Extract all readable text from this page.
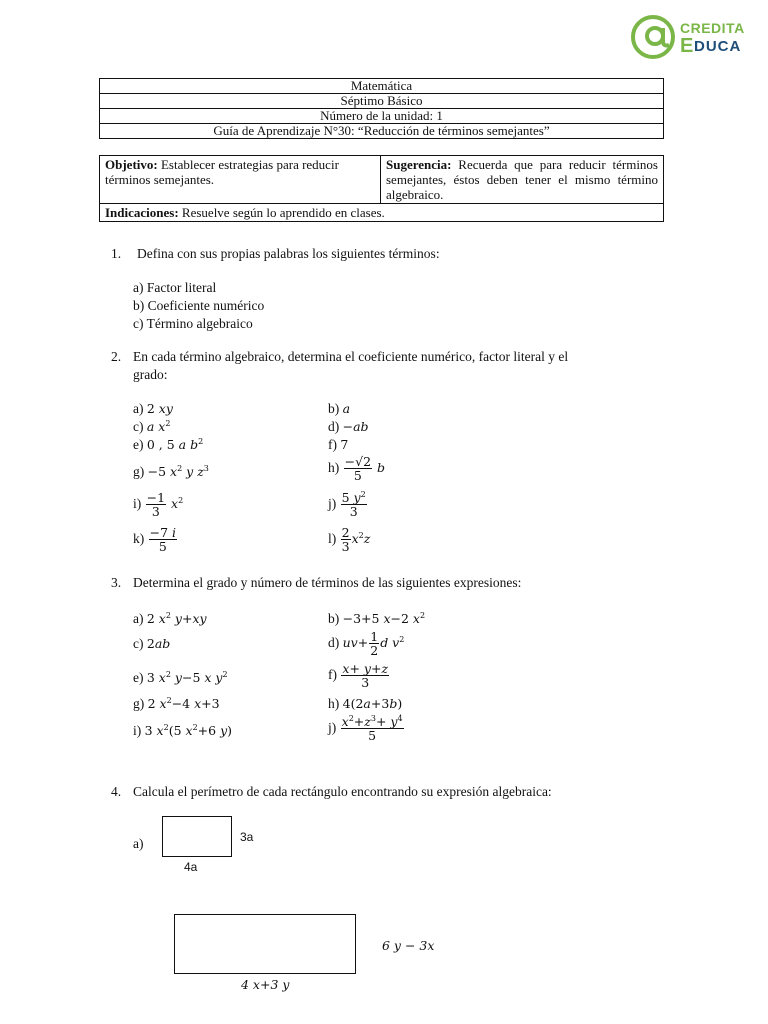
CREDITA
E DUCA
Matemática
Séptimo Básico
Número de la unidad: 1
Guía de Aprendizaje N°30: “Reducción de términos semejantes”
Objetivo: Establecer estrategias para reducir términos semejantes.	Sugerencia: Recuerda que para reducir términos semejantes, éstos deben tener el mismo término algebraico.
Indicaciones: Resuelve según lo aprendido en clases.
1. Defina con sus propias palabras los siguientes términos:
a) Factor literal
b) Coeficiente numérico
c) Término algebraico
2. En cada término algebraico, determina el coeficiente numérico, factor literal y el
grado:
a) 2 xy	b) a
c) a $x^2$	d) −ab
e) 0 , 5 a $b^2$	f) 7
g) −5 $x^2$ y $z^3$	$h) \frac{-√2}{5}$ b
$i) \frac{-1}{3} x^2$	$j) \frac{5 y^2}{3}$
$k) \frac{-7 i}{5}$	$l) \frac{2}{3} x^2z$
3. Determina el grado y número de términos de las siguientes expresiones:
a) 2 $x^2$ y+xy	b) −3+5 x−2 $x^2$
c) 2ab	d) $uv+ \frac{1}{2}$ d $v^2$
e) 3 $x^2$ y−5 x $y^2$	$f) \frac{x+ y+z}{3}$
g) 2 $x^2-4$ x+3	h) 4(2a+3b)
i) 3 $x^2(5$ $x^2+6$ y)	$j) \frac{x^2+z^3+ y^4}{5}$
4. Calcula el perímetro de cada rectángulo encontrando su expresión algebraica:
a)	3a
4a
6 y − 3x
4 x+3 y
